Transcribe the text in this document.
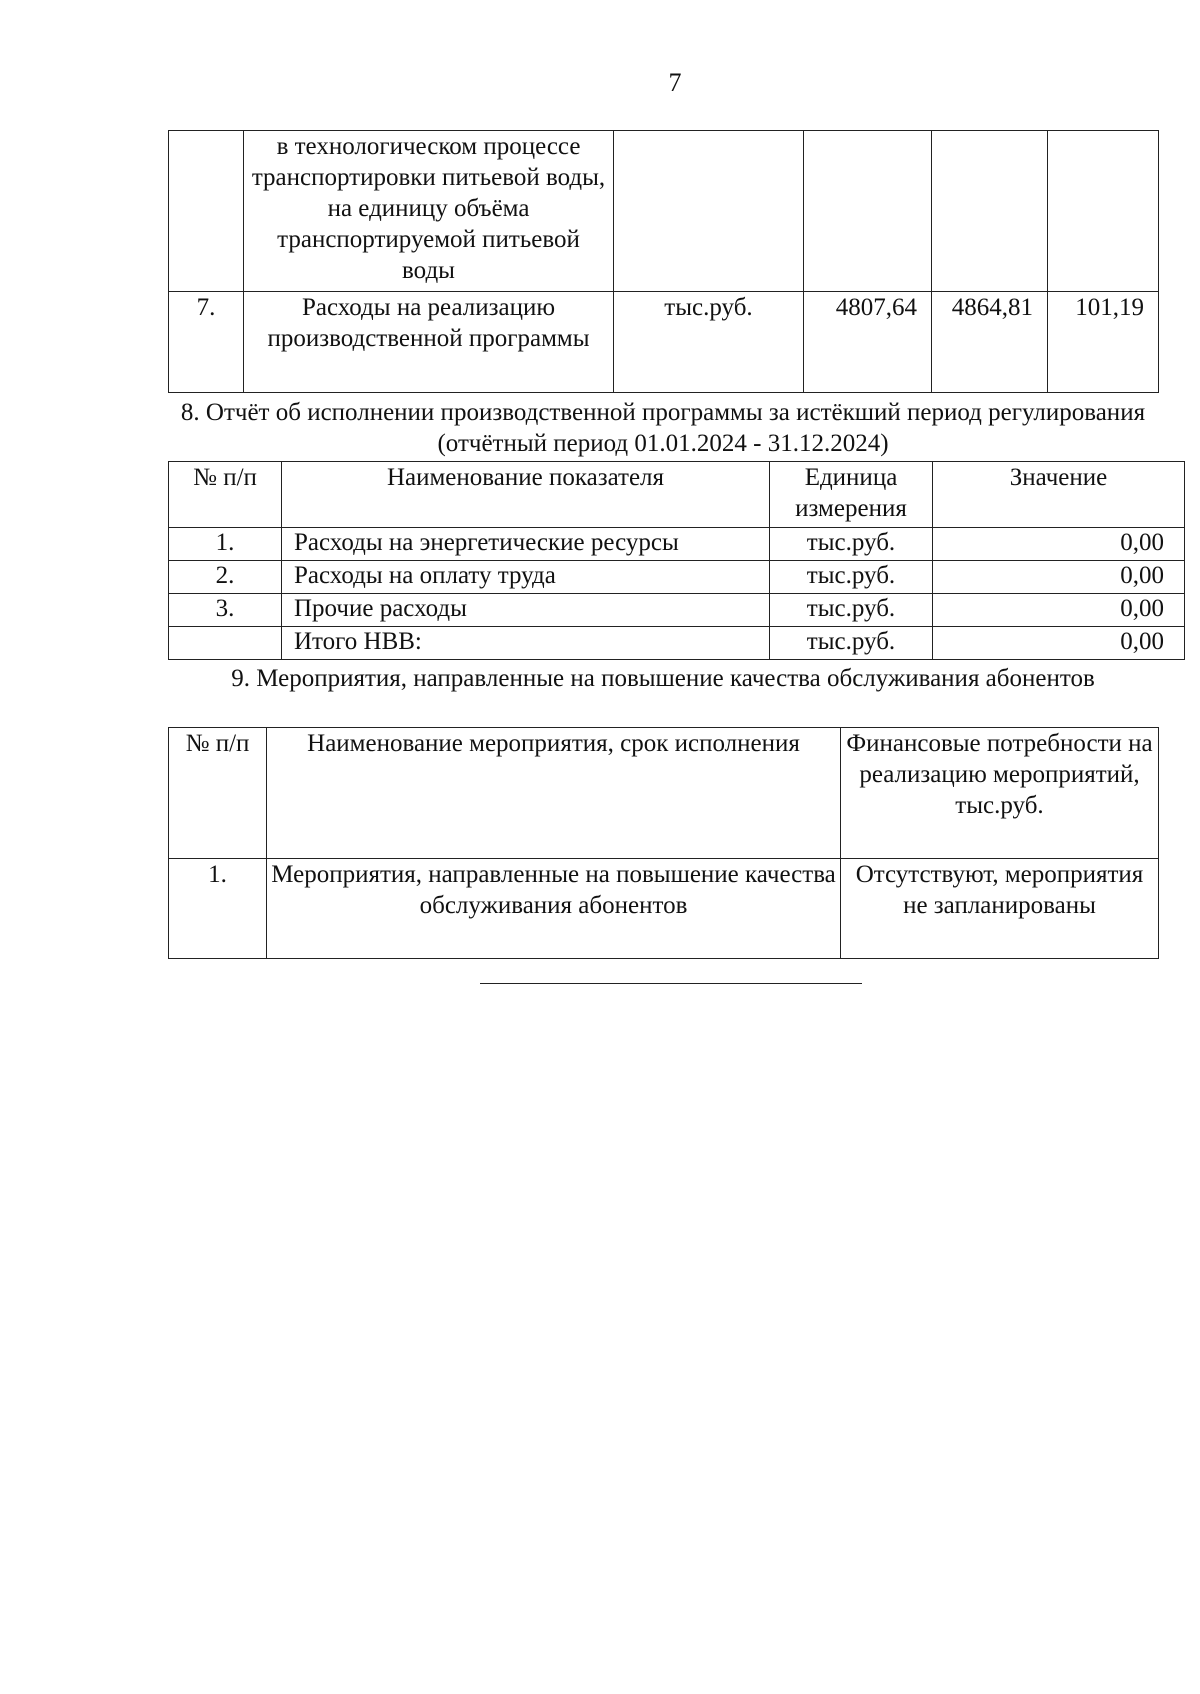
7
	в технологическом процессе транспортировки питьевой воды, на единицу объёма транспортируемой питьевой воды				
7.	Расходы на реализацию производственной программы	тыс.руб.	4807,64	4864,81	101,19
8. Отчёт об исполнении производственной программы за истёкший период регулирования (отчётный период 01.01.2024 - 31.12.2024)
№ п/п	Наименование показателя	Единица измерения	Значение
1.	Расходы на энергетические ресурсы	тыс.руб.	0,00
2.	Расходы на оплату труда	тыс.руб.	0,00
3.	Прочие расходы	тыс.руб.	0,00
	Итого НВВ:	тыс.руб.	0,00
9. Мероприятия, направленные на повышение качества обслуживания абонентов
№ п/п	Наименование мероприятия, срок исполнения	Финансовые потребности на реализацию мероприятий, тыс.руб.
1.	Мероприятия, направленные на повышение качества обслуживания абонентов	Отсутствуют, мероприятия не запланированы
